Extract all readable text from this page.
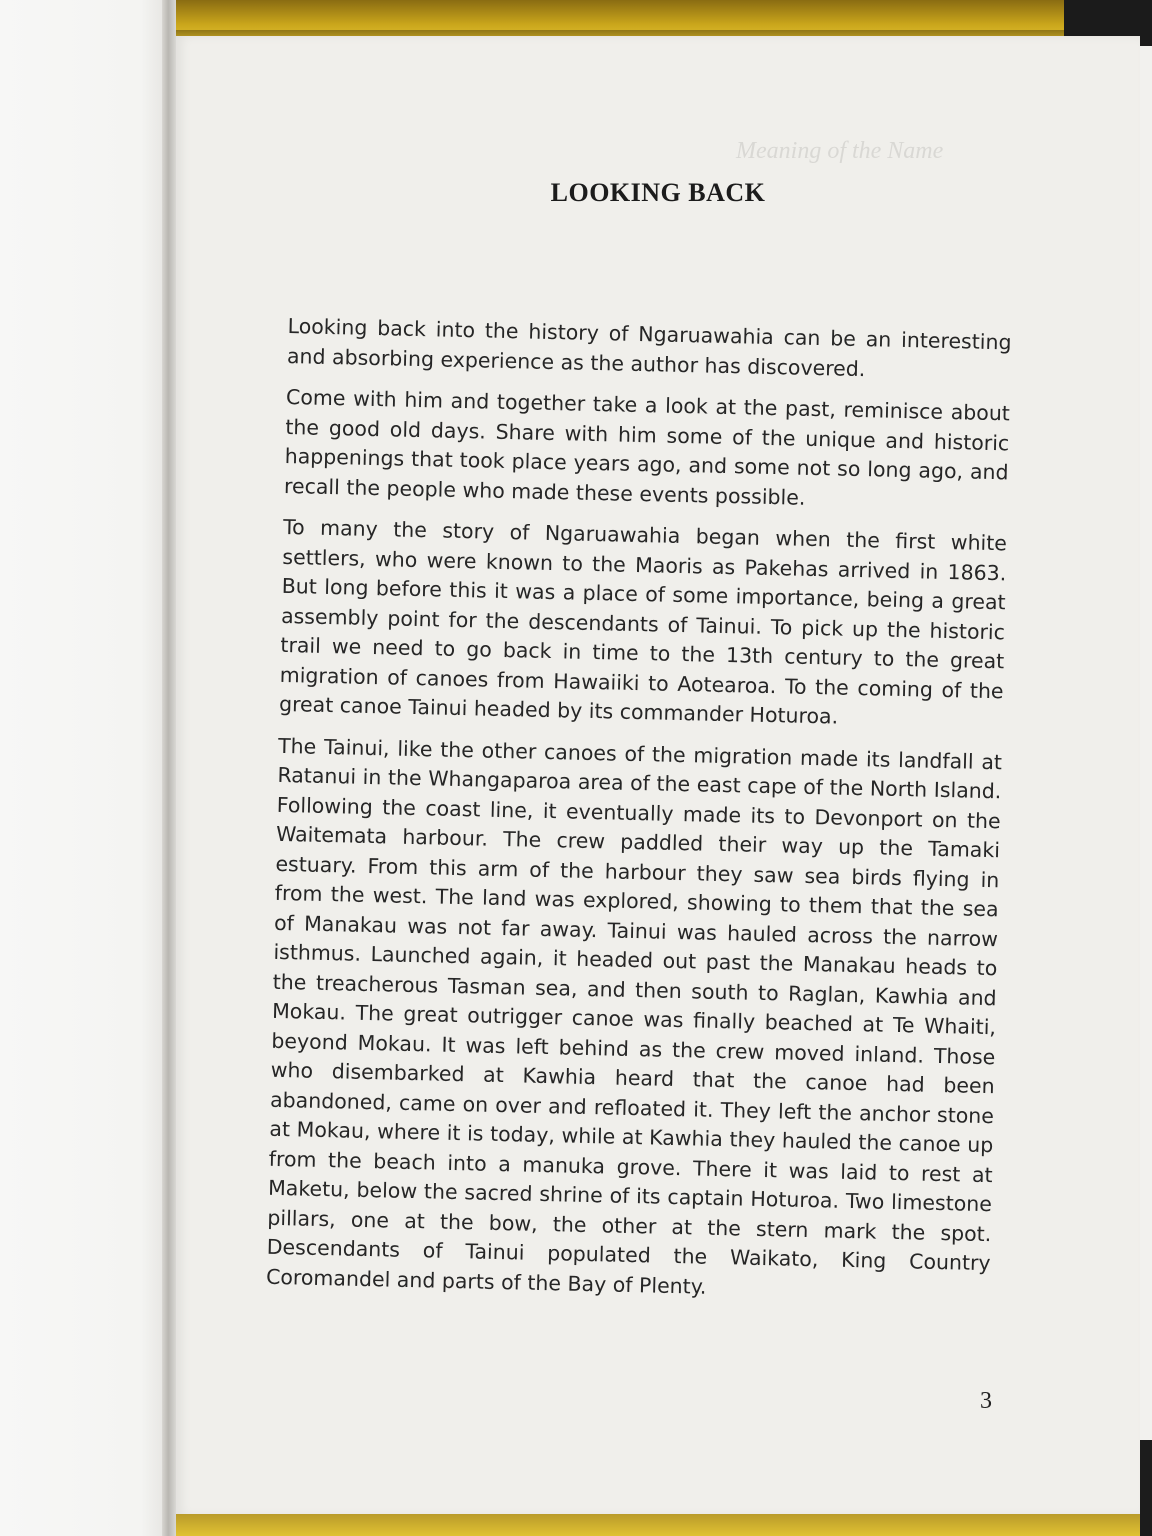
Meaning of the Name
LOOKING BACK

Looking back into the history of Ngaruawahia can be an interesting and absorbing experience as the author has discovered.

Come with him and together take a look at the past, reminisce about the good old days. Share with him some of the unique and historic happenings that took place years ago, and some not so long ago, and recall the people who made these events possible.

To many the story of Ngaruawahia began when the first white settlers, who were known to the Maoris as Pakehas arrived in 1863. But long before this it was a place of some importance, being a great assembly point for the descendants of Tainui. To pick up the historic trail we need to go back in time to the 13th century to the great migration of canoes from Hawaiiki to Aotearoa. To the coming of the great canoe Tainui headed by its commander Hoturoa.

The Tainui, like the other canoes of the migration made its landfall at Ratanui in the Whangaparoa area of the east cape of the North Island. Following the coast line, it eventually made its to Devonport on the Waitemata harbour. The crew paddled their way up the Tamaki estuary. From this arm of the harbour they saw sea birds flying in from the west. The land was explored, showing to them that the sea of Manakau was not far away. Tainui was hauled across the narrow isthmus. Launched again, it headed out past the Manakau heads to the treacherous Tasman sea, and then south to Raglan, Kawhia and Mokau. The great outrigger canoe was finally beached at Te Whaiti, beyond Mokau. It was left behind as the crew moved inland. Those who disembarked at Kawhia heard that the canoe had been abandoned, came on over and refloated it. They left the anchor stone at Mokau, where it is today, while at Kawhia they hauled the canoe up from the beach into a manuka grove. There it was laid to rest at Maketu, below the sacred shrine of its captain Hoturoa. Two limestone pillars, one at the bow, the other at the stern mark the spot. Descendants of Tainui populated the Waikato, King Country Coromandel and parts of the Bay of Plenty.

3
